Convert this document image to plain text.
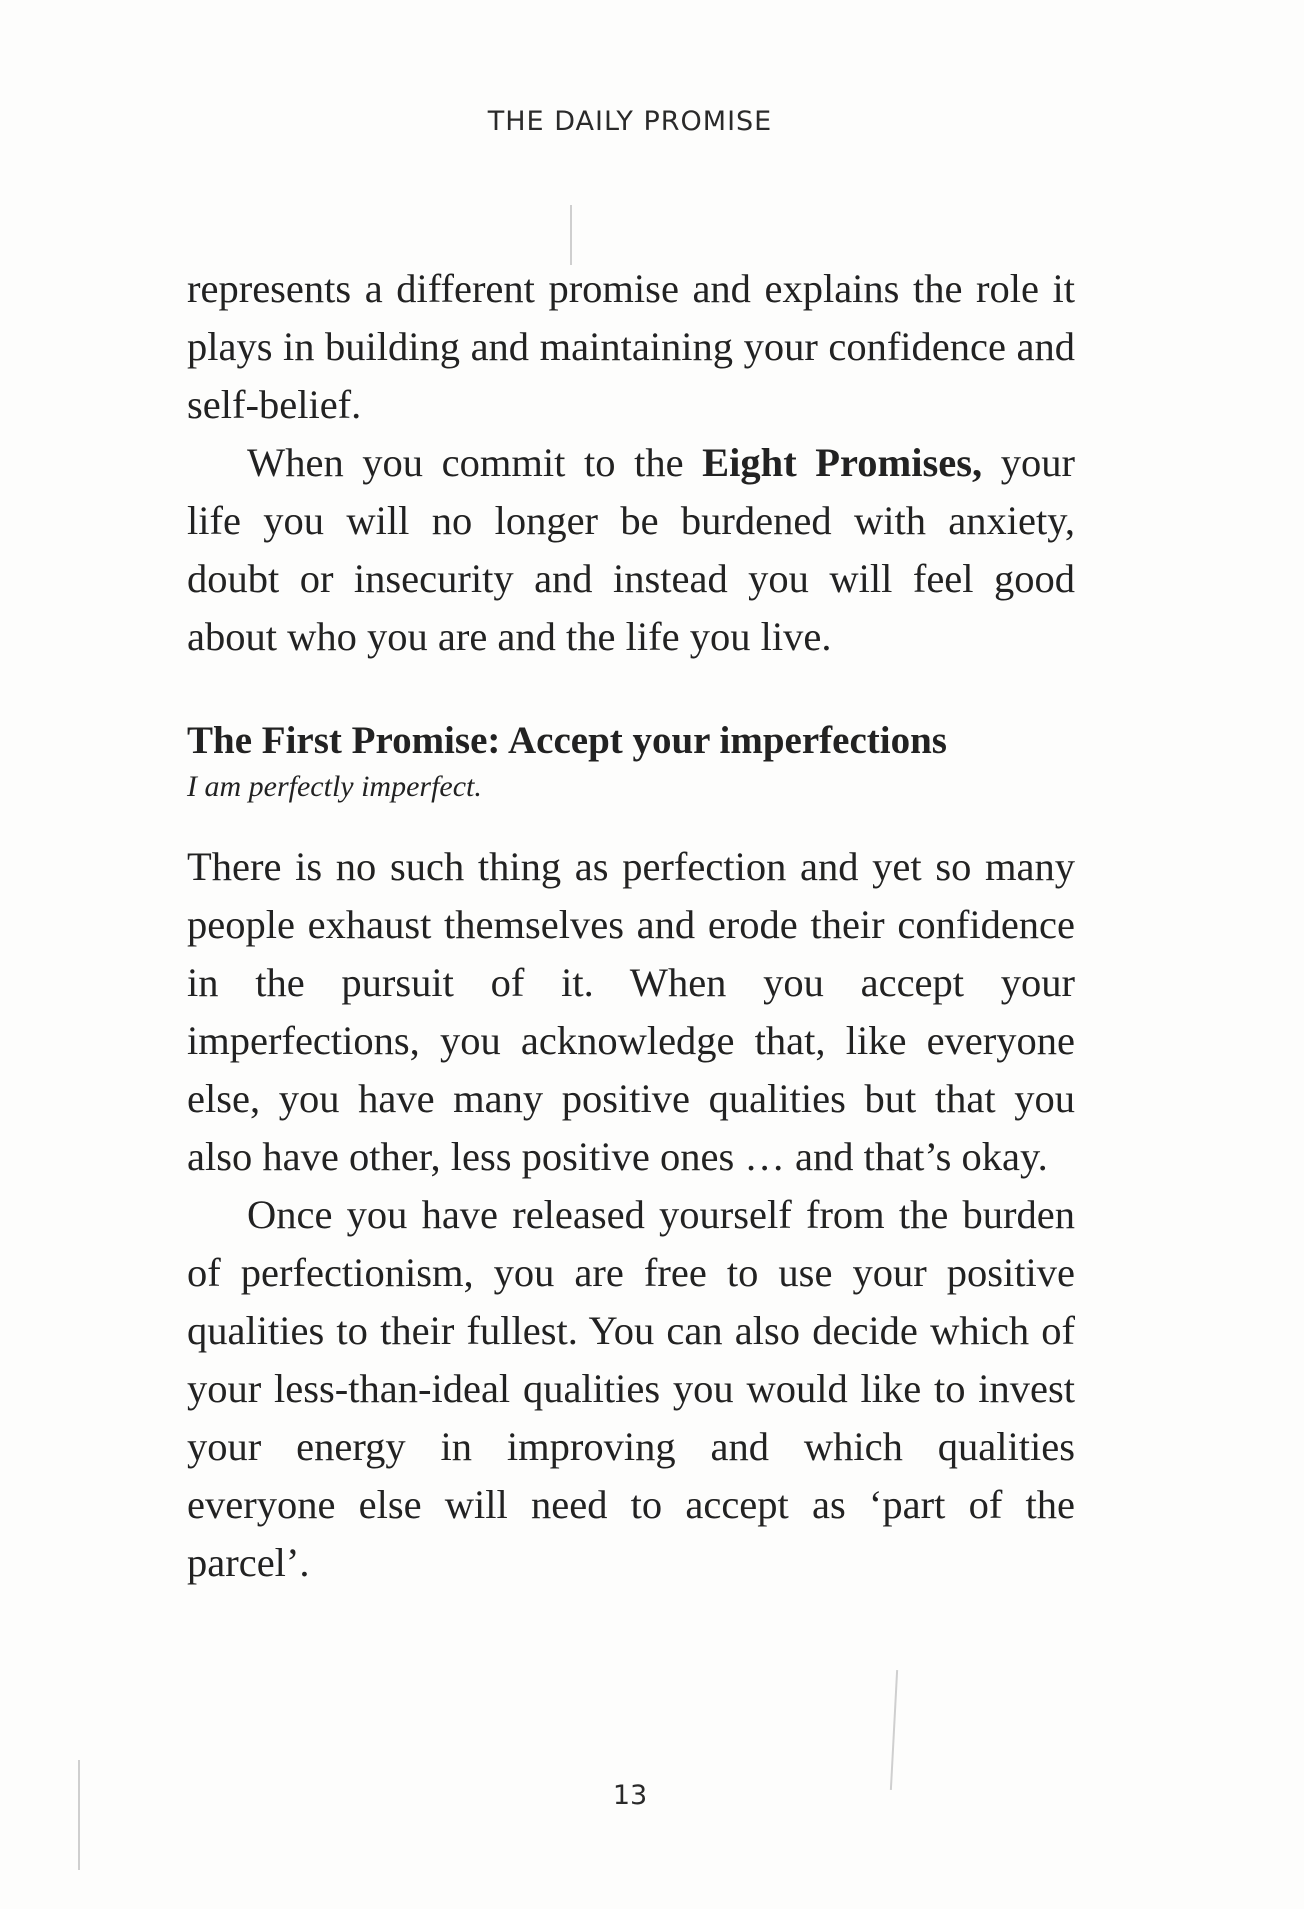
THE DAILY PROMISE

represents a different promise and explains the role it plays in building and maintaining your confidence and self-belief.

When you commit to the Eight Promises, your life you will no longer be burdened with anxiety, doubt or insecurity and instead you will feel good about who you are and the life you live.

The First Promise: Accept your imperfections

I am perfectly imperfect.

There is no such thing as perfection and yet so many people exhaust themselves and erode their confidence in the pursuit of it. When you accept your imperfections, you acknowledge that, like everyone else, you have many positive qualities but that you also have other, less positive ones … and that’s okay.

Once you have released yourself from the burden of perfectionism, you are free to use your positive qualities to their fullest. You can also decide which of your less-than-ideal qualities you would like to invest your energy in improving and which qualities everyone else will need to accept as ‘part of the parcel’.

13
